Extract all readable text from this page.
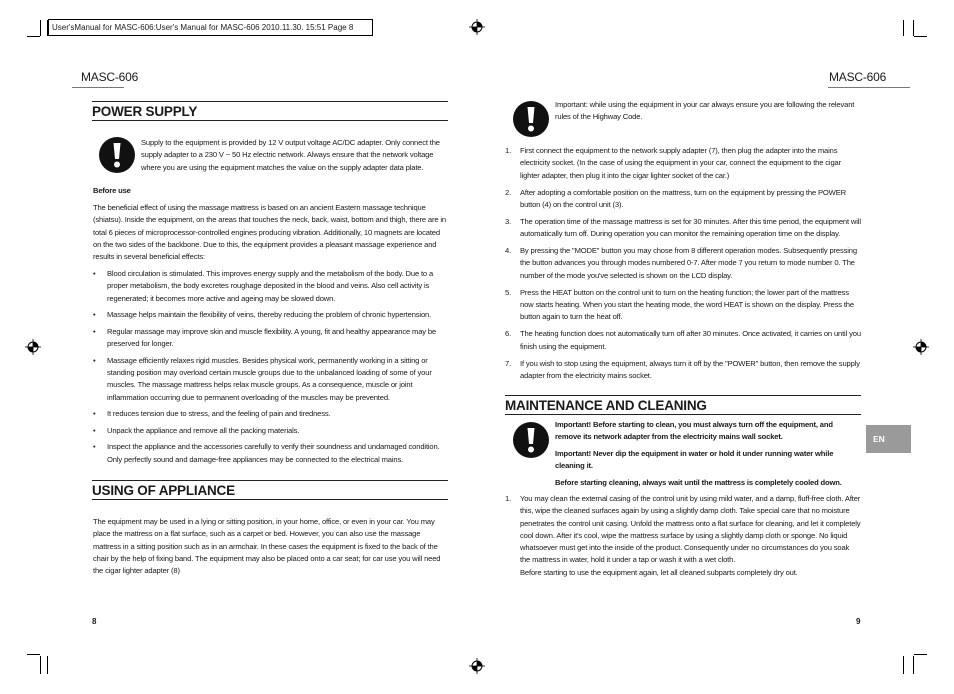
User'sManual for MASC-606:User's Manual for MASC-606 2010.11.30. 15:51 Page 8
MASC-606
POWER SUPPLY
Supply to the equipment is provided by 12 V output voltage AC/DC adapter. Only connect the supply adapter to a 230 V ~ 50 Hz electric network. Always ensure that the network voltage where you are using the equipment matches the value on the supply adapter data plate.
Before use
The beneficial effect of using the massage mattress is based on an ancient Eastern massage technique (shiatsu). Inside the equipment, on the areas that touches the neck, back, waist, bottom and thigh, there are in total 6 pieces of microprocessor-controlled engines producing vibration. Additionally, 10 magnets are located on the two sides of the backbone. Due to this, the equipment provides a pleasant massage experience and results in several beneficial effects:
• Blood circulation is stimulated. This improves energy supply and the metabolism of the body. Due to a proper metabolism, the body excretes roughage deposited in the blood and veins. Also cell activity is regenerated; it becomes more active and ageing may be slowed down.
• Massage helps maintain the flexibility of veins, thereby reducing the problem of chronic hypertension.
• Regular massage may improve skin and muscle flexibility. A young, fit and healthy appearance may be preserved for longer.
• Massage efficiently relaxes rigid muscles. Besides physical work, permanently working in a sitting or standing position may overload certain muscle groups due to the unbalanced loading of some of your muscles. The massage mattress helps relax muscle groups. As a consequence, muscle or joint inflammation occurring due to permanent overloading of the muscles may be prevented.
• It reduces tension due to stress, and the feeling of pain and tiredness.
• Unpack the appliance and remove all the packing materials.
• Inspect the appliance and the accessories carefully to verify their soundness and undamaged condition. Only perfectly sound and damage-free appliances may be connected to the electrical mains.
USING OF APPLIANCE
The equipment may be used in a lying or sitting position, in your home, office, or even in your car. You may place the mattress on a flat surface, such as a carpet or bed. However, you can also use the massage mattress in a sitting position such as in an armchair. In these cases the equipment is fixed to the back of the chair by the help of fixing band. The equipment may also be placed onto a car seat; for car use you will need the cigar lighter adapter (8)
8
MASC-606
Important: while using the equipment in your car always ensure you are following the relevant rules of the Highway Code.
1. First connect the equipment to the network supply adapter (7), then plug the adapter into the mains electricity socket. (In the case of using the equipment in your car, connect the equipment to the cigar lighter adapter, then plug it into the cigar lighter socket of the car.)
2. After adopting a comfortable position on the mattress, turn on the equipment by pressing the POWER button (4) on the control unit (3).
3. The operation time of the massage mattress is set for 30 minutes. After this time period, the equipment will automatically turn off. During operation you can monitor the remaining operation time on the display.
4. By pressing the "MODE" button you may chose from 8 different operation modes. Subsequently pressing the button advances you through modes numbered 0-7. After mode 7 you return to mode number 0. The number of the mode you've selected is shown on the LCD display.
5. Press the HEAT button on the control unit to turn on the heating function; the lower part of the mattress now starts heating. When you start the heating mode, the word HEAT is shown on the display. Press the button again to turn the heat off.
6. The heating function does not automatically turn off after 30 minutes. Once activated, it carries on until you finish using the equipment.
7. If you wish to stop using the equipment, always turn it off by the "POWER" button, then remove the supply adapter from the electricity mains socket.
MAINTENANCE AND CLEANING
Important! Before starting to clean, you must always turn off the equipment, and remove its network adapter from the electricity mains wall socket.
Important! Never dip the equipment in water or hold it under running water while cleaning it.
Before starting cleaning, always wait until the mattress is completely cooled down.
1. You may clean the external casing of the control unit by using mild water, and a damp, fluff-free cloth. After this, wipe the cleaned surfaces again by using a slightly damp cloth. Take special care that no moisture penetrates the control unit casing. Unfold the mattress onto a flat surface for cleaning, and let it completely cool down. After it's cool, wipe the mattress surface by using a slightly damp cloth or sponge. No liquid whatsoever must get into the inside of the product. Consequently under no circumstances do you soak the mattress in water, hold it under a tap or wash it with a wet cloth.
Before starting to use the equipment again, let all cleaned subparts completely dry out.
EN
9
